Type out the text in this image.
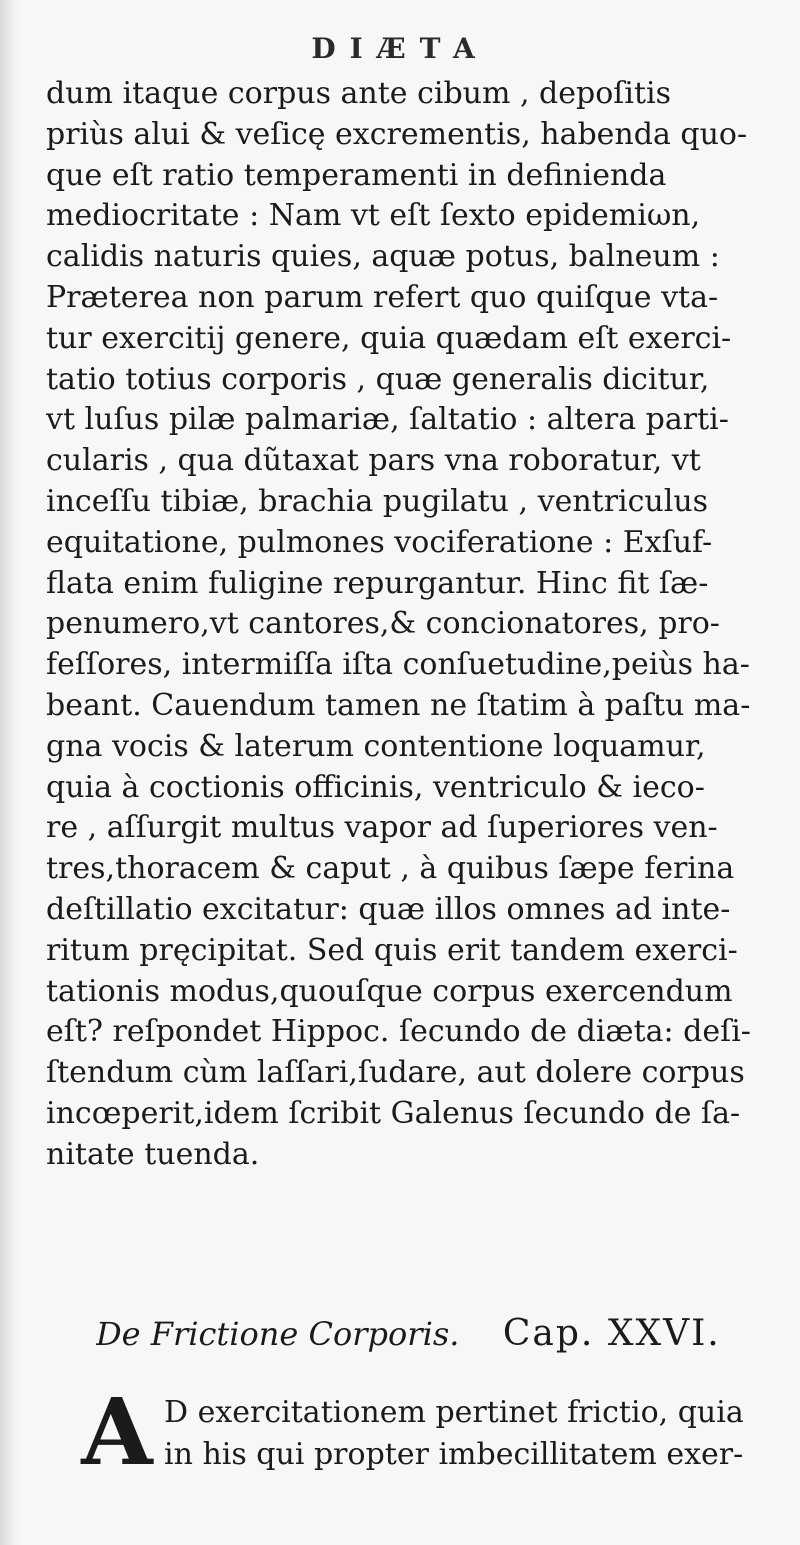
DIÆTA
dum itaque corpus ante cibum , depoſitis
priùs alui & veſicę excrementis, habenda quo-
que eſt ratio temperamenti in definienda
mediocritate : Nam vt eſt ſexto epidemiωn,
calidis naturis quies, aquæ potus, balneum :
Præterea non parum refert quo quiſque vta-
tur exercitij genere, quia quædam eſt exerci-
tatio totius corporis , quæ generalis dicitur,
vt luſus pilæ palmariæ, ſaltatio : altera parti-
cularis , qua dũtaxat pars vna roboratur, vt
inceſſu tibiæ, brachia pugilatu , ventriculus
equitatione, pulmones vociferatione : Exſuf-
flata enim fuligine repurgantur. Hinc fit ſæ-
penumero,vt cantores,& concionatores, pro-
feſſores, intermiſſa iſta conſuetudine,peiùs ha-
beant. Cauendum tamen ne ſtatim à paſtu ma-
gna vocis & laterum contentione loquamur,
quia à coctionis officinis, ventriculo & ieco-
re , aſſurgit multus vapor ad ſuperiores ven-
tres,thoracem & caput , à quibus ſæpe ferina
deſtillatio excitatur: quæ illos omnes ad inte-
ritum pręcipitat. Sed quis erit tandem exerci-
tationis modus,quouſque corpus exercendum
eſt? reſpondet Hippoc. ſecundo de diæta: deſi-
ſtendum cùm laſſari,ſudare, aut dolere corpus
incœperit,idem ſcribit Galenus ſecundo de ſa-
nitate tuenda.
De Frictione Corporis. Cap. XXVI.
A D exercitationem pertinet frictio, quia
in his qui propter imbecillitatem exer-
